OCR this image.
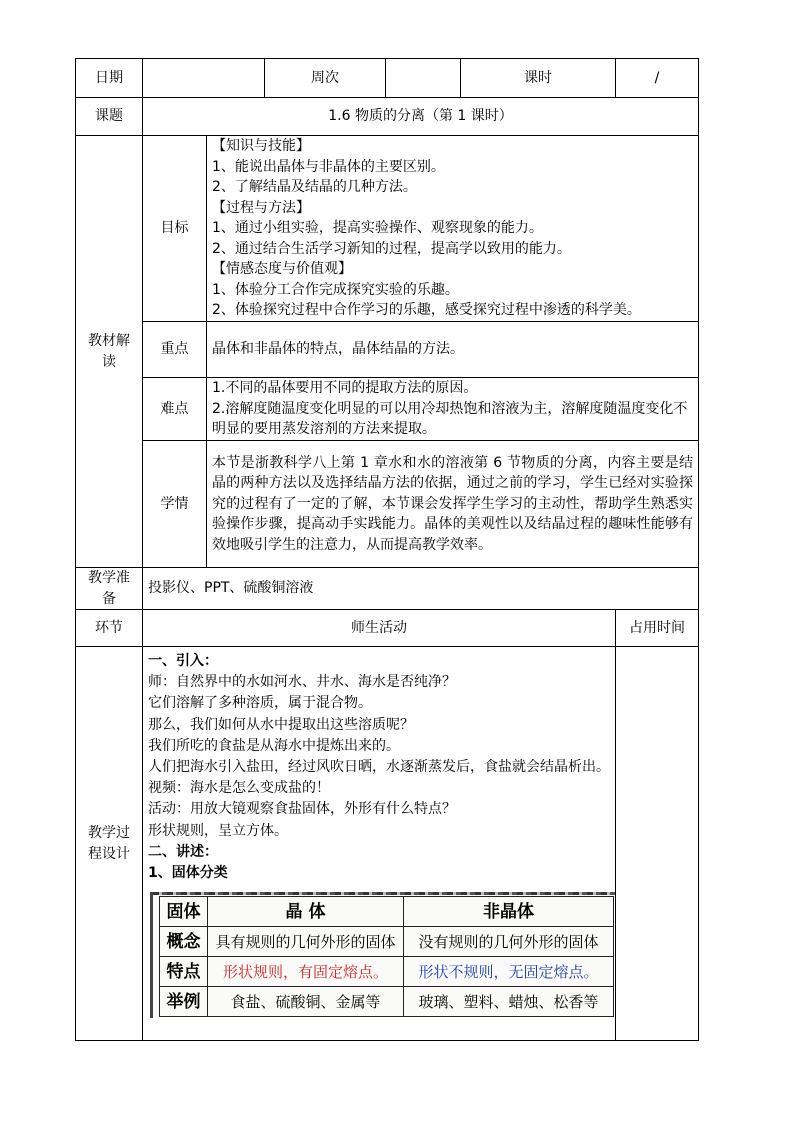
日期		周次		课时	/
课题	1.6 物质的分离（第 1 课时）
教材解读	目标	
【知识与技能】
1、能说出晶体与非晶体的主要区别。
2、了解结晶及结晶的几种方法。
【过程与方法】
1、通过小组实验，提高实验操作、观察现象的能力。
2、通过结合生活学习新知的过程，提高学以致用的能力。
【情感态度与价值观】
1、体验分工合作完成探究实验的乐趣。
2、体验探究过程中合作学习的乐趣，感受探究过程中渗透的科学美。

重点	晶体和非晶体的特点，晶体结晶的方法。
难点	
1.不同的晶体要用不同的提取方法的原因。
2.溶解度随温度变化明显的可以用冷却热饱和溶液为主，溶解度随温度变化不明显的要用蒸发溶剂的方法来提取。

学情	本节是浙教科学八上第 1 章水和水的溶液第 6 节物质的分离，内容主要是结晶的两种方法以及选择结晶方法的依据，通过之前的学习，学生已经对实验探究的过程有了一定的了解，本节课会发挥学生学习的主动性，帮助学生熟悉实验操作步骤，提高动手实践能力。晶体的美观性以及结晶过程的趣味性能够有效地吸引学生的注意力，从而提高教学效率。
教学准备	投影仪、PPT、硫酸铜溶液
环节	师生活动	占用时间
教学过程设计	
一、引入：
师：自然界中的水如河水、井水、海水是否纯净？
它们溶解了多种溶质，属于混合物。
那么，我们如何从水中提取出这些溶质呢？
我们所吃的食盐是从海水中提炼出来的。
人们把海水引入盐田，经过风吹日晒，水逐渐蒸发后，食盐就会结晶析出。
视频：海水是怎么变成盐的！
活动：用放大镜观察食盐固体，外形有什么特点？
形状规则，呈立方体。
二、讲述：
1、固体分类
固体	晶 体	非晶体
概念	具有规则的几何外形的固体	没有规则的几何外形的固体
特点	形状规则，有固定熔点。	形状不规则，无固定熔点。
举例	食盐、硫酸铜、金属等	玻璃、塑料、蜡烛、松香等
